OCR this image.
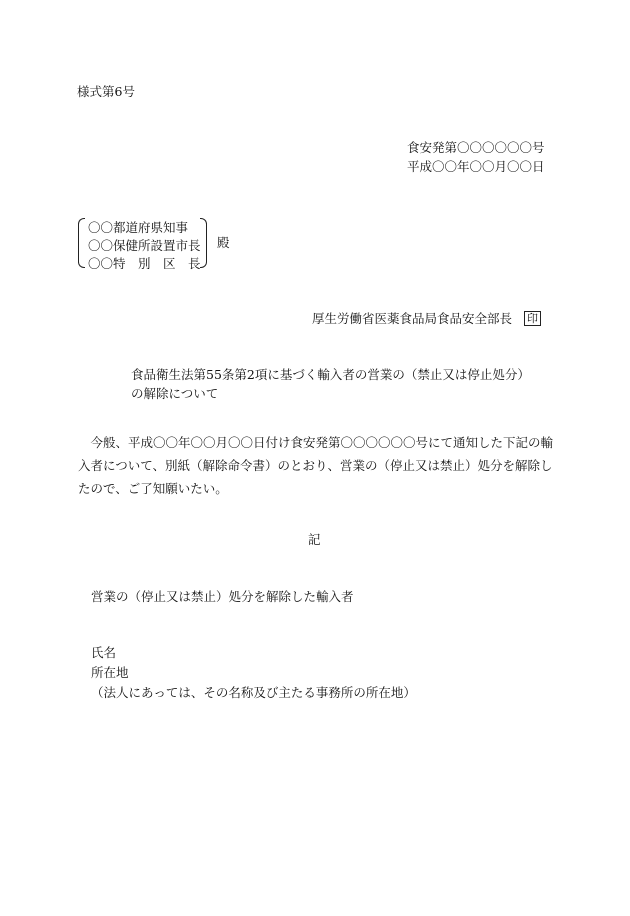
様式第6号
食安発第〇〇〇〇〇〇号
平成〇〇年〇〇月〇〇日
〇〇都道府県知事
〇〇保健所設置市長
〇〇特　別　区　長
殿
厚生労働省医薬食品局食品安全部長 印
食品衛生法第55条第2項に基づく輸入者の営業の（禁止又は停止処分）
の解除について

今般、平成〇〇年〇〇月〇〇日付け食安発第〇〇〇〇〇〇号にて通知した下記の輸入者について、別紙（解除命令書）のとおり、営業の（停止又は禁止）処分を解除したので、ご了知願いたい。

記
営業の（停止又は禁止）処分を解除した輸入者
氏名
所在地
（法人にあっては、その名称及び主たる事務所の所在地）
